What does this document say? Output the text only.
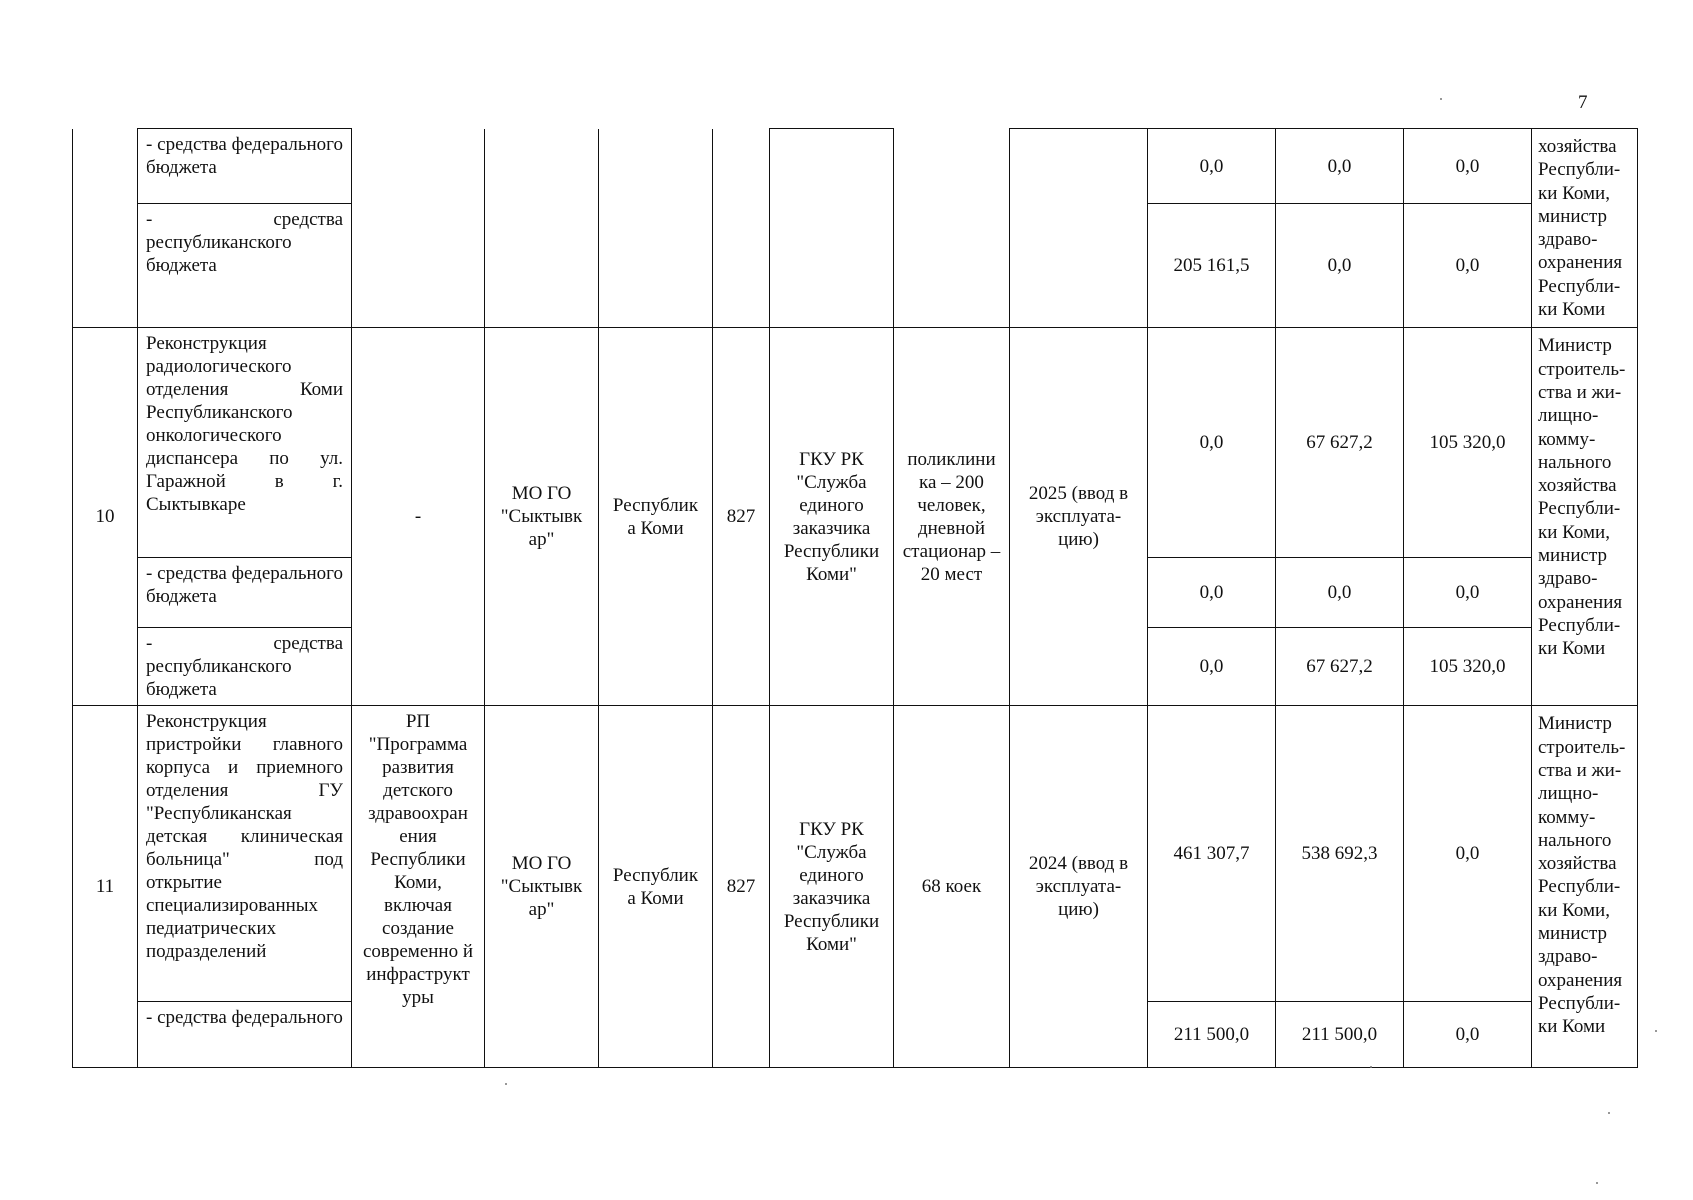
7
	- средства федерального бюджета								0,0	0,0	0,0	хозяйства Республи-ки Коми, министр здраво-охранения Республи-ки Коми
	- средства республиканского бюджета								205 161,5	0,0	0,0	
10	Реконструкция радиологического отделения Коми Республиканского онкологического диспансера по ул. Гаражной в г. Сыктывкаре	-	МО ГО "Сыктывк ар"	Республик а Коми	827	ГКУ РК "Служба единого заказчика Республики Коми"	поликлини ка – 200 человек, дневной стационар – 20 мест	2025 (ввод в эксплуата-цию)	0,0	67 627,2	105 320,0	Министр строитель-ства и жи-лищно-комму-нального хозяйства Республи-ки Коми, министр здраво-охранения Республи-ки Коми
	- средства федерального бюджета								0,0	0,0	0,0	
	- средства республиканского бюджета								0,0	67 627,2	105 320,0	
11	Реконструкция пристройки главного корпуса и приемного отделения ГУ "Республиканская детская клиническая больница" под открытие специализированных педиатрических подразделений	РП "Программа развития детского здравоохран ения Республики Коми, включая создание современно й инфраструкт уры	МО ГО "Сыктывк ар"	Республик а Коми	827	ГКУ РК "Служба единого заказчика Республики Коми"	68 коек	2024 (ввод в эксплуата-цию)	461 307,7	538 692,3	0,0	Министр строитель-ства и жи-лищно-комму-нального хозяйства Республи-ки Коми, министр здраво-охранения Республи-ки Коми
	- средства федерального								211 500,0	211 500,0	0,0	
